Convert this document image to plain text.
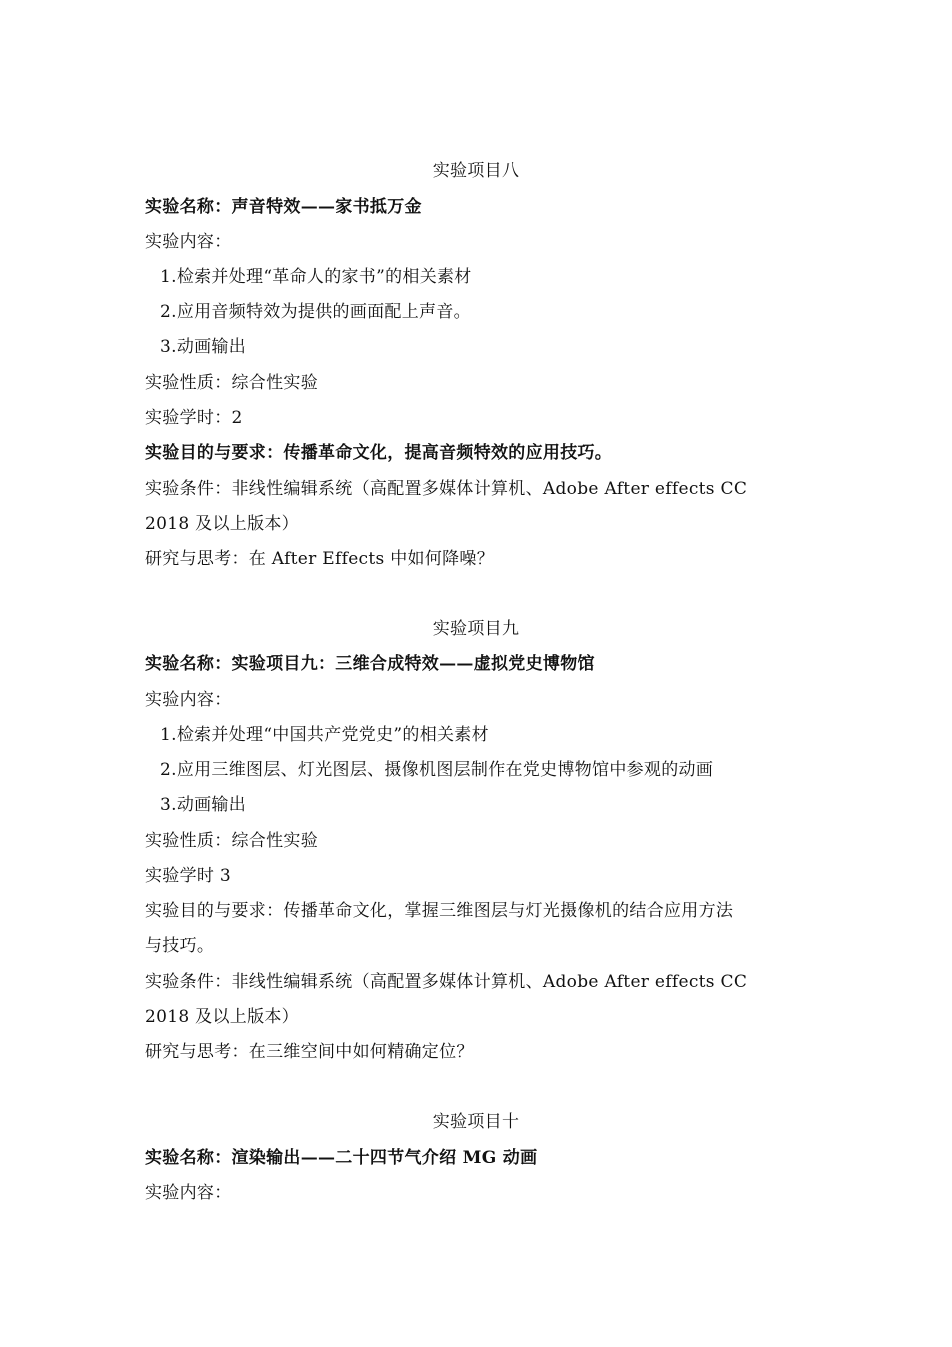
实验项目八
实验名称：声音特效——家书抵万金
实验内容：
1.检索并处理“革命人的家书”的相关素材
2.应用音频特效为提供的画面配上声音。
3.动画输出
实验性质：综合性实验
实验学时：2
实验目的与要求：传播革命文化，提高音频特效的应用技巧。
实验条件：非线性编辑系统（高配置多媒体计算机、Adobe After effects CC
2018 及以上版本）
研究与思考：在 After Effects 中如何降噪？
实验项目九
实验名称：实验项目九：三维合成特效——虚拟党史博物馆
实验内容：
1.检索并处理“中国共产党党史”的相关素材
2.应用三维图层、灯光图层、摄像机图层制作在党史博物馆中参观的动画
3.动画输出
实验性质：综合性实验
实验学时 3
实验目的与要求：传播革命文化，掌握三维图层与灯光摄像机的结合应用方法
与技巧。
实验条件：非线性编辑系统（高配置多媒体计算机、Adobe After effects CC
2018 及以上版本）
研究与思考：在三维空间中如何精确定位？
实验项目十
实验名称：渲染输出——二十四节气介绍 MG 动画
实验内容：
